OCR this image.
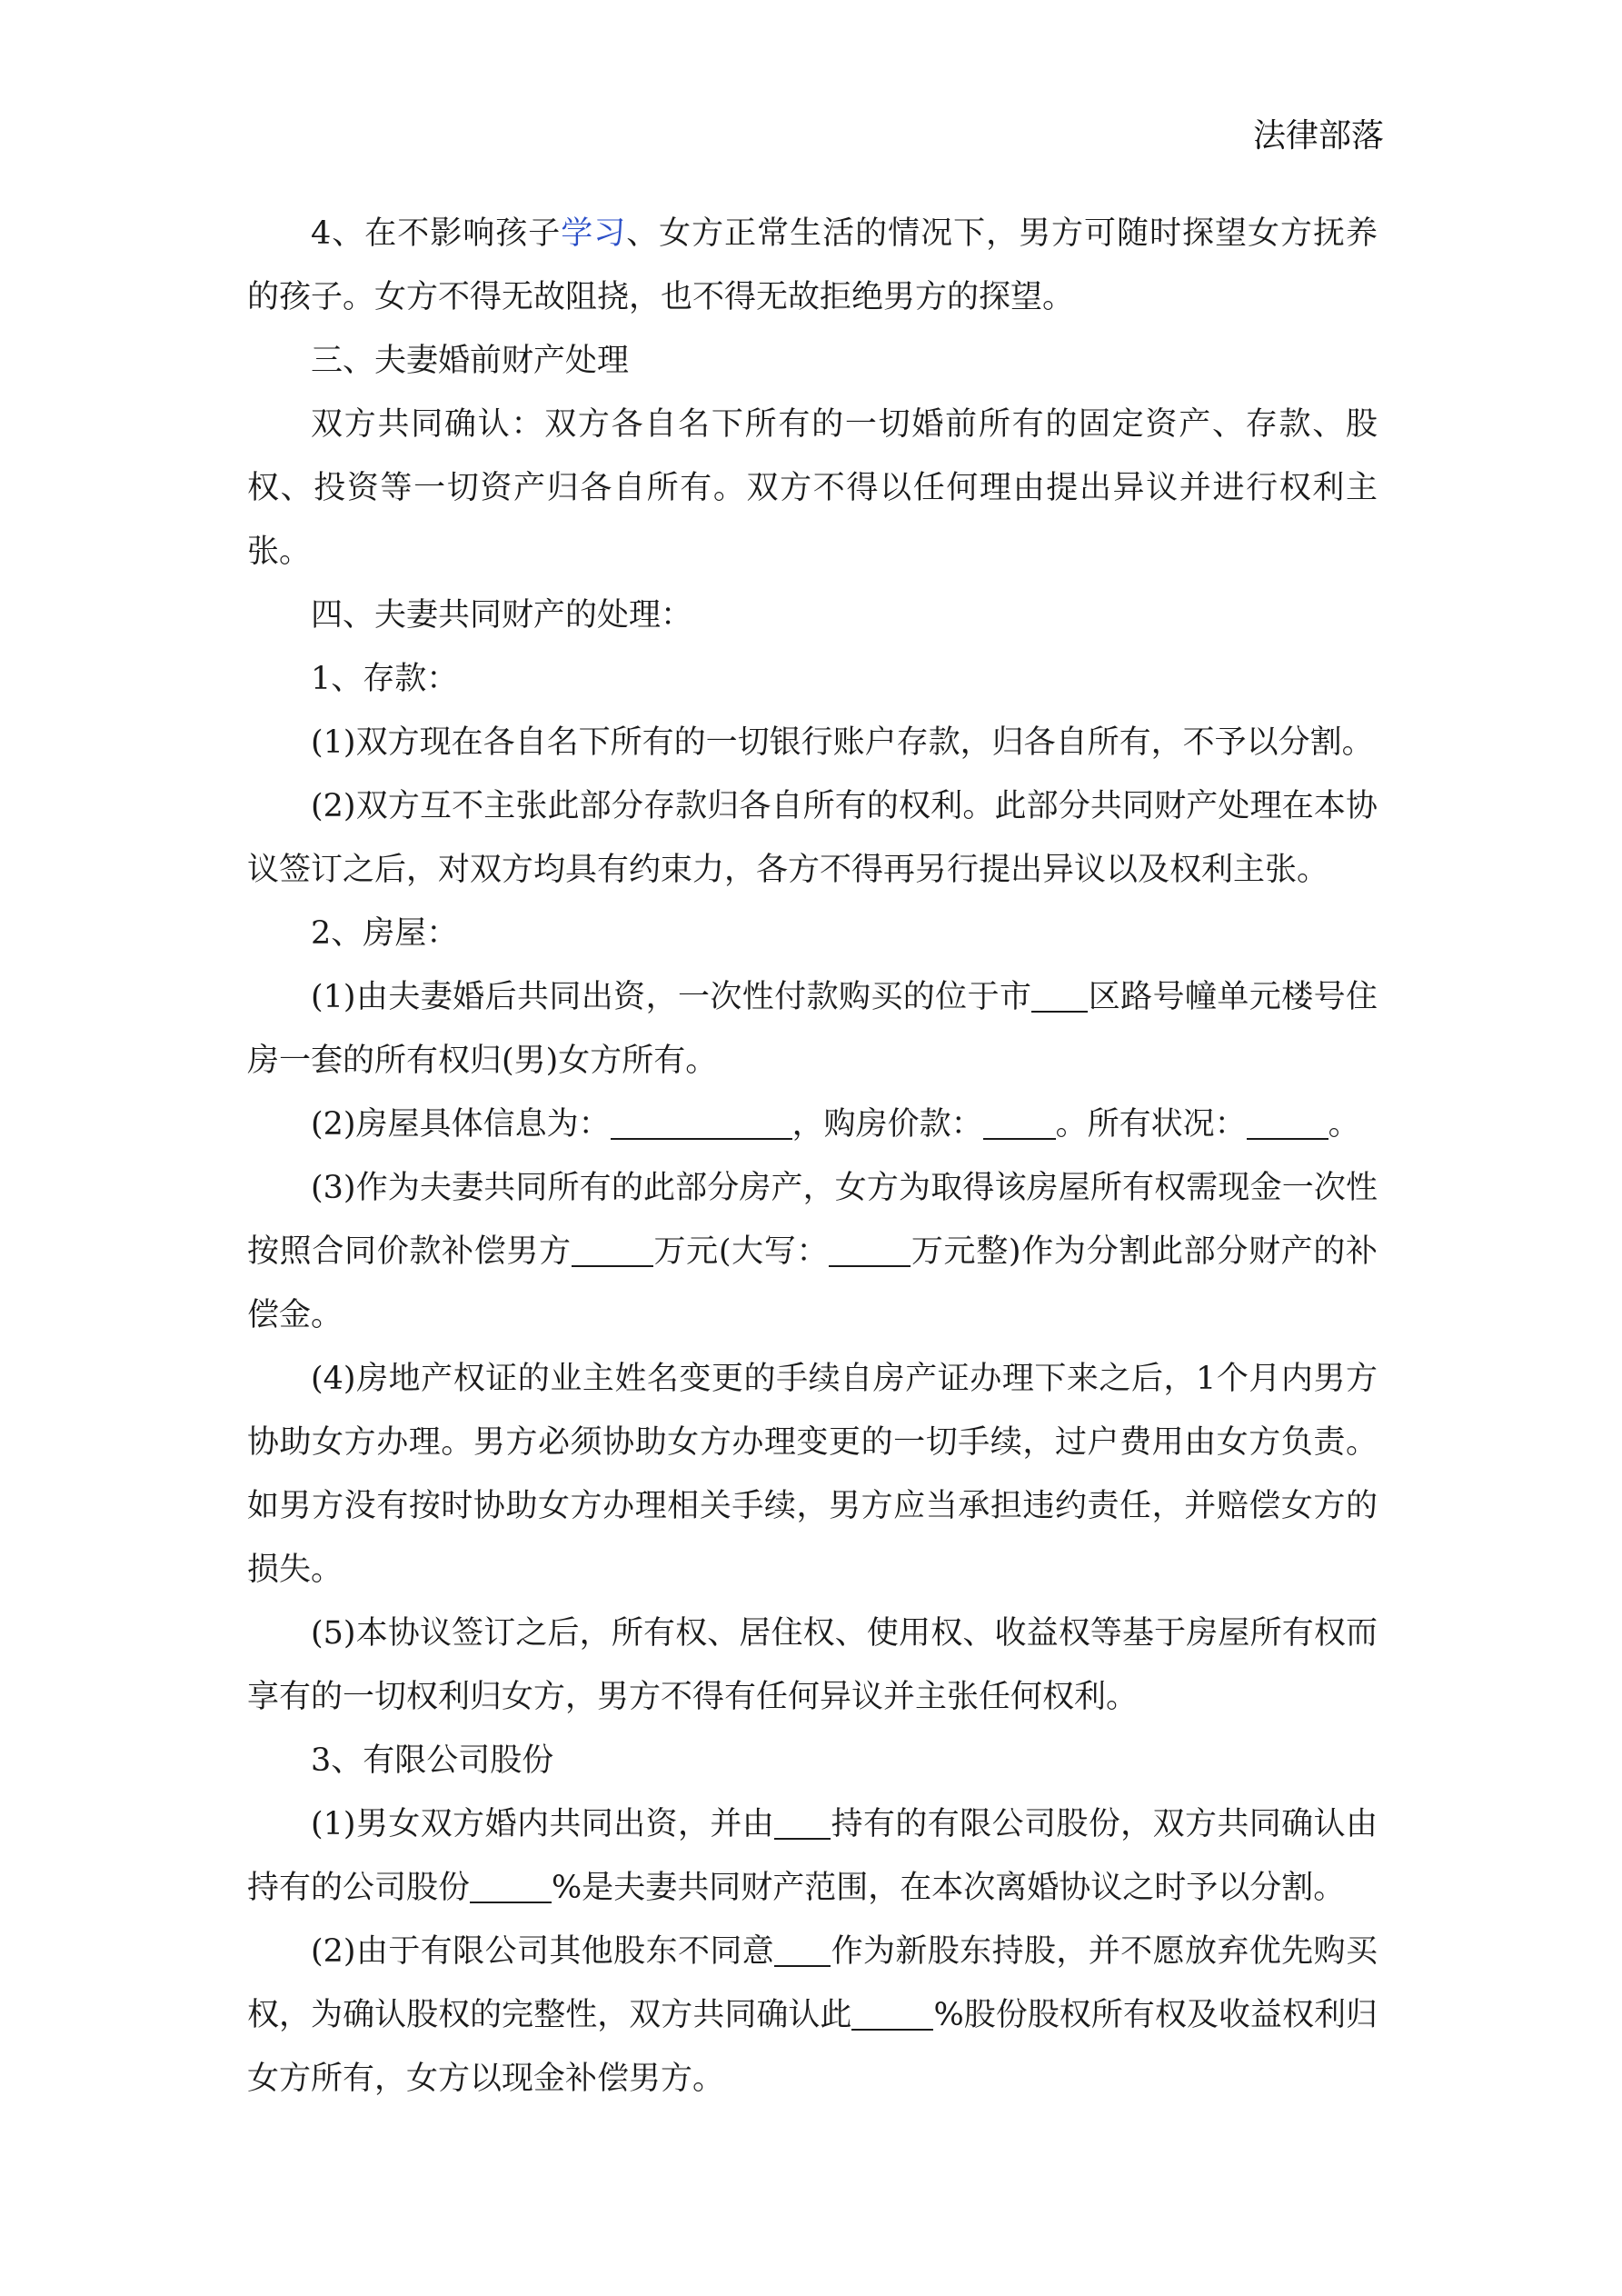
法律部落

4、在不影响孩子学习、女方正常生活的情况下，男方可随时探望女方抚养的孩子。女方不得无故阻挠，也不得无故拒绝男方的探望。

三、夫妻婚前财产处理

双方共同确认：双方各自名下所有的一切婚前所有的固定资产、存款、股权、投资等一切资产归各自所有。双方不得以任何理由提出异议并进行权利主张。

四、夫妻共同财产的处理：

1、存款：

(1)双方现在各自名下所有的一切银行账户存款，归各自所有，不予以分割。

(2)双方互不主张此部分存款归各自所有的权利。此部分共同财产处理在本协议签订之后，对双方均具有约束力，各方不得再另行提出异议以及权利主张。

2、房屋：

(1)由夫妻婚后共同出资，一次性付款购买的位于市 区路号幢单元楼号住房一套的所有权归(男)女方所有。

(2)房屋具体信息为：	，购房价款： 。所有状况：	。

(3)作为夫妻共同所有的此部分房产，女方为取得该房屋所有权需现金一次性按照合同价款补偿男方	万元(大写：	万元整)作为分割此部分财产的补偿金。

(4)房地产权证的业主姓名变更的手续自房产证办理下来之后，1个月内男方协助女方办理。男方必须协助女方办理变更的一切手续，过户费用由女方负责。如男方没有按时协助女方办理相关手续，男方应当承担违约责任，并赔偿女方的损失。

(5)本协议签订之后，所有权、居住权、使用权、收益权等基于房屋所有权而享有的一切权利归女方，男方不得有任何异议并主张任何权利。

3、有限公司股份

(1)男女双方婚内共同出资，并由 持有的有限公司股份，双方共同确认由持有的公司股份	%是夫妻共同财产范围，在本次离婚协议之时予以分割。

(2)由于有限公司其他股东不同意 作为新股东持股，并不愿放弃优先购买权，为确认股权的完整性，双方共同确认此	%股份股权所有权及收益权利归女方所有，女方以现金补偿男方。
